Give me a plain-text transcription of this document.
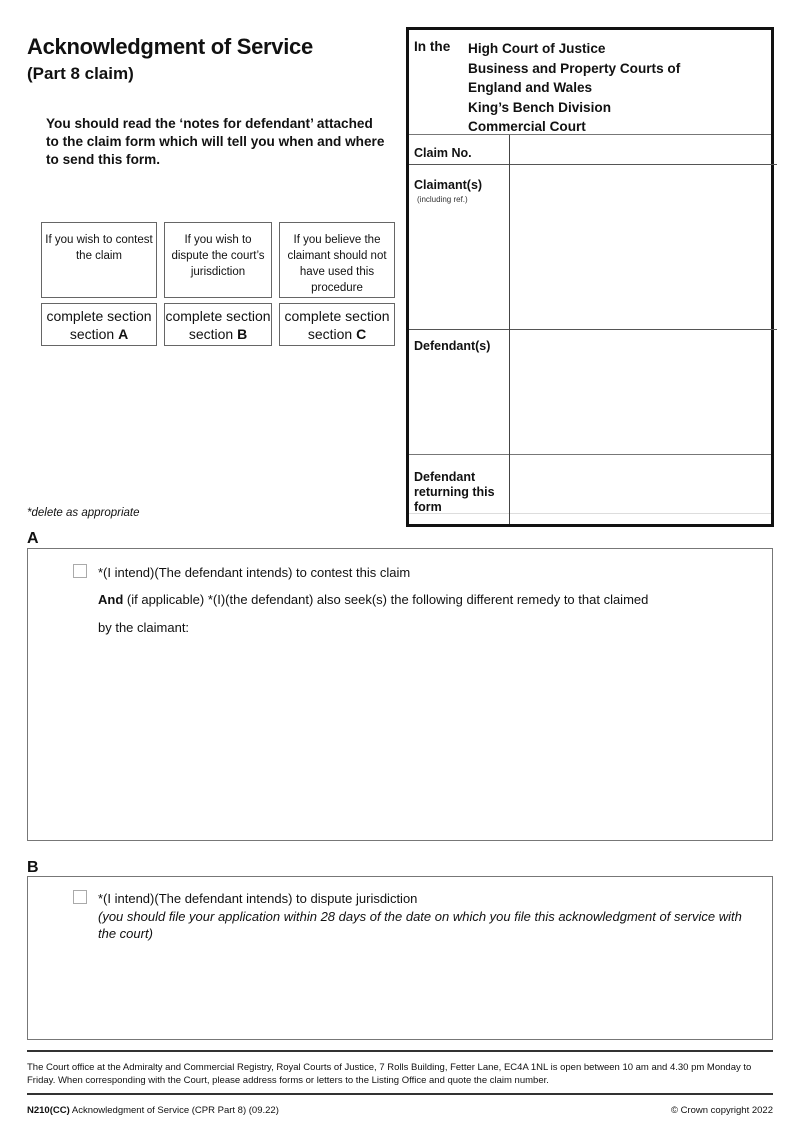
Acknowledgment of Service
(Part 8 claim)
You should read the ‘notes for defendant’ attached to the claim form which will tell you when and where to send this form.
If you wish to contest the claim
If you wish to dispute the court’s jurisdiction
If you believe the claimant should not have used this procedure
complete section
section A
complete section
section B
complete section
section C
In the High Court of Justice
Business and Property Courts of
England and Wales
King’s Bench Division
Commercial Court
Claim No.
Claimant(s)
(including ref.)
Defendant(s)
Defendant returning this form
*delete as appropriate
A
*(I intend)(The defendant intends) to contest this claim
And (if applicable) *(I)(the defendant) also seek(s) the following different remedy to that claimed
by the claimant:
B
*(I intend)(The defendant intends) to dispute jurisdiction
(you should file your application within 28 days of the date on which you file this acknowledgment of service with the court)
The Court office at the Admiralty and Commercial Registry, Royal Courts of Justice, 7 Rolls Building, Fetter Lane, EC4A 1NL is open between 10 am and 4.30 pm Monday to Friday. When corresponding with the Court, please address forms or letters to the Listing Office and quote the claim number.
N210(CC) Acknowledgment of Service (CPR Part 8) (09.22)	© Crown copyright 2022
